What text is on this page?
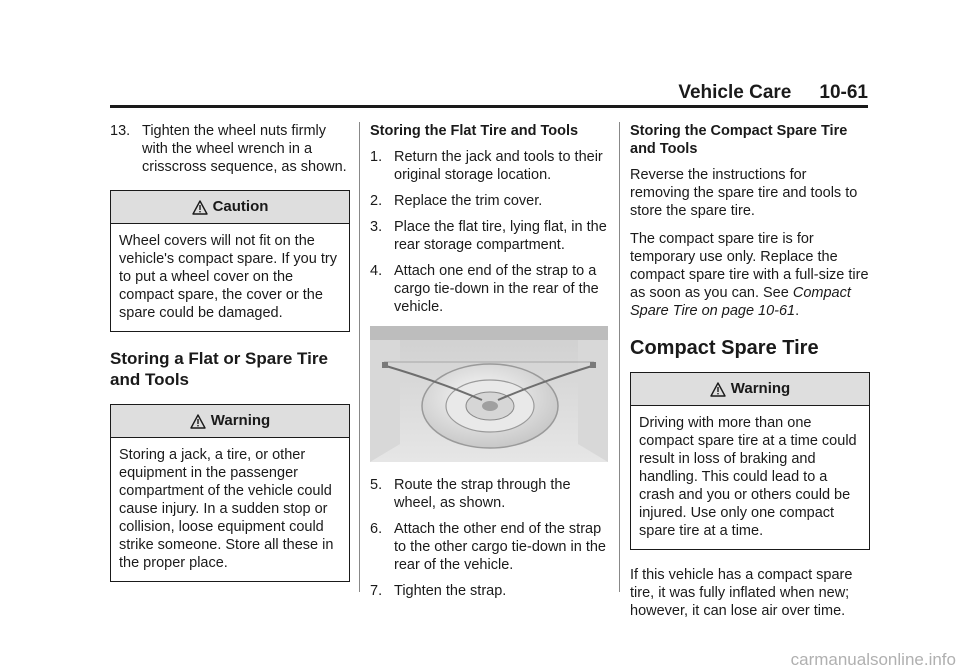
Vehicle Care 10-61
13. Tighten the wheel nuts firmly with the wheel wrench in a crisscross sequence, as shown.
Caution
Wheel covers will not fit on the vehicle's compact spare. If you try to put a wheel cover on the compact spare, the cover or the spare could be damaged.
Storing a Flat or Spare Tire and Tools
Warning
Storing a jack, a tire, or other equipment in the passenger compartment of the vehicle could cause injury. In a sudden stop or collision, loose equipment could strike someone. Store all these in the proper place.
Storing the Flat Tire and Tools
1. Return the jack and tools to their original storage location.
2. Replace the trim cover.
3. Place the flat tire, lying flat, in the rear storage compartment.
4. Attach one end of the strap to a cargo tie-down in the rear of the vehicle.
5. Route the strap through the wheel, as shown.
6. Attach the other end of the strap to the other cargo tie-down in the rear of the vehicle.
7. Tighten the strap.
Storing the Compact Spare Tire and Tools

Reverse the instructions for removing the spare tire and tools to store the spare tire.

The compact spare tire is for temporary use only. Replace the compact spare tire with a full-size tire as soon as you can. See Compact Spare Tire on page 10-61.

Compact Spare Tire
Warning
Driving with more than one compact spare tire at a time could result in loss of braking and handling. This could lead to a crash and you or others could be injured. Use only one compact spare tire at a time.

If this vehicle has a compact spare tire, it was fully inflated when new; however, it can lose air over time.

carmanualsonline.info
